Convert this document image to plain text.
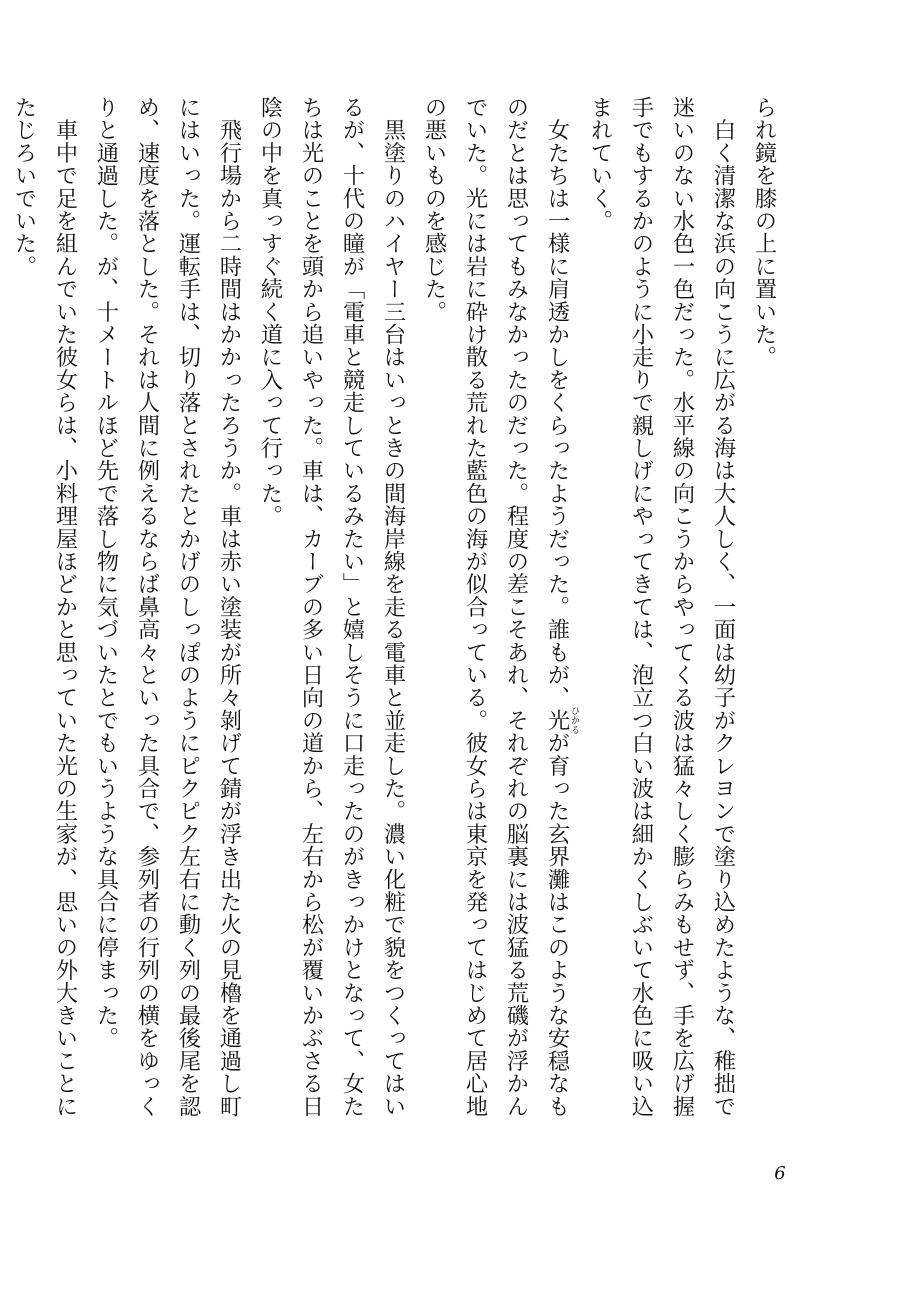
られ鏡を膝の上に置いた。
　白く清潔な浜の向こうに広がる海は大人しく、一面は幼子がクレヨンで塗り込めたような、稚拙で
迷いのない水色一色だった。水平線の向こうからやってくる波は猛々しく膨らみもせず、手を広げ握
手でもするかのように小走りで親しげにやってきては、泡立つ白い波は細かくしぶいて水色に吸い込
まれていく。
　女たちは一様に肩透かしをくらったようだった。誰もが、光 ひかるが育った玄界灘はこのような安穏なも
のだとは思ってもみなかったのだった。程度の差こそあれ、それぞれの脳裏には波猛る荒磯が浮かん
でいた。光には岩に砕け散る荒れた藍色の海が似合っている。彼女らは東京を発ってはじめて居心地
の悪いものを感じた。
　黒塗りのハイヤー三台はいっときの間海岸線を走る電車と並走した。濃い化粧で貌をつくってはい
るが、十代の瞳が「電車と競走しているみたい」と嬉しそうに口走ったのがきっかけとなって、女た
ちは光のことを頭から追いやった。車は、カーブの多い日向の道から、左右から松が覆いかぶさる日
陰の中を真っすぐ続く道に入って行った。
　飛行場から二時間はかかったろうか。車は赤い塗装が所々剝げて錆が浮き出た火の見櫓を通過し町
にはいった。運転手は、切り落とされたとかげのしっぽのようにピクピク左右に動く列の最後尾を認
め、速度を落とした。それは人間に例えるならば鼻高々といった具合で、参列者の行列の横をゆっく
りと通過した。が、十メートルほど先で落し物に気づいたとでもいうような具合に停まった。
　車中で足を組んでいた彼女らは、小料理屋ほどかと思っていた光の生家が、思いの外大きいことに
たじろいでいた。
6
